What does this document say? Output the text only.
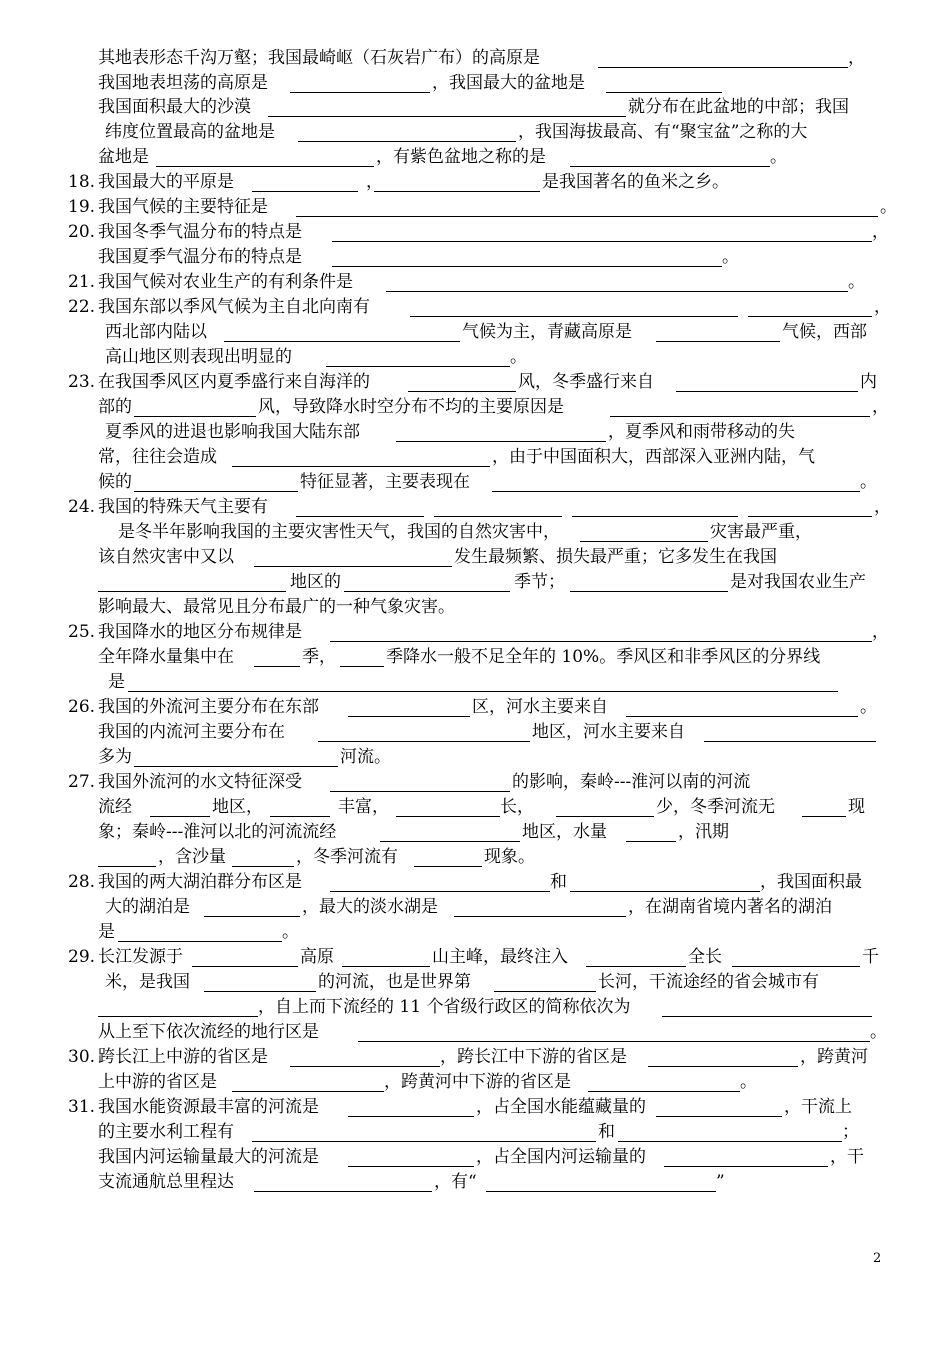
其地表形态千沟万壑；我国最崎岖（石灰岩广布）的高原是	，
我国地表坦荡的高原是	，我国最大的盆地是
我国面积最大的沙漠	就分布在此盆地的中部；我国
纬度位置最高的盆地是	，我国海拔最高、有“聚宝盆”之称的大
盆地是	，有紫色盆地之称的是	。
18. 我国最大的平原是	，	是我国著名的鱼米之乡。
19. 我国气候的主要特征是	。
20. 我国冬季气温分布的特点是	，
我国夏季气温分布的特点是	。
21. 我国气候对农业生产的有利条件是	。
22. 我国东部以季风气候为主自北向南有	，
西北部内陆以	气候为主，青藏高原是	气候，西部
高山地区则表现出明显的	。
23. 在我国季风区内夏季盛行来自海洋的	风，冬季盛行来自	内
部的	风，导致降水时空分布不均的主要原因是	，
夏季风的进退也影响我国大陆东部	，夏季风和雨带移动的失
常，往往会造成	，由于中国面积大，西部深入亚洲内陆，气
候的	特征显著，主要表现在	。
24. 我国的特殊天气主要有	，
是冬半年影响我国的主要灾害性天气，我国的自然灾害中，	灾害最严重，
该自然灾害中又以	发生最频繁、损失最严重；它多发生在我国
地区的	季节；	是对我国农业生产
影响最大、最常见且分布最广的一种气象灾害。
25. 我国降水的地区分布规律是	，
全年降水量集中在	季，	季降水一般不足全年的 10%。季风区和非季风区的分界线
是
26. 我国的外流河主要分布在东部	区，河水主要来自	。
我国的内流河主要分布在	地区，河水主要来自
多为	河流。
27. 我国外流河的水文特征深受	的影响，秦岭---淮河以南的河流
流经	地区，	丰富，	长，	少，冬季河流无	现
象；秦岭---淮河以北的河流流经	地区，水量	，汛期
，含沙量	，冬季河流有	现象。
28. 我国的两大湖泊群分布区是	和	，我国面积最
大的湖泊是	，最大的淡水湖是	，在湖南省境内著名的湖泊
是	。
29. 长江发源于	高原	山主峰，最终注入	全长	千
米，是我国	的河流，也是世界第	长河，干流途经的省会城市有
，自上而下流经的 11 个省级行政区的简称依次为
从上至下依次流经的地行区是	。
30. 跨长江上中游的省区是	，跨长江中下游的省区是	，跨黄河
上中游的省区是	，跨黄河中下游的省区是	。
31. 我国水能资源最丰富的河流是	，占全国水能蕴藏量的	，干流上
的主要水利工程有	和	；
我国内河运输量最大的河流是	，占全国内河运输量的	，干
支流通航总里程达	，有“	”
2
